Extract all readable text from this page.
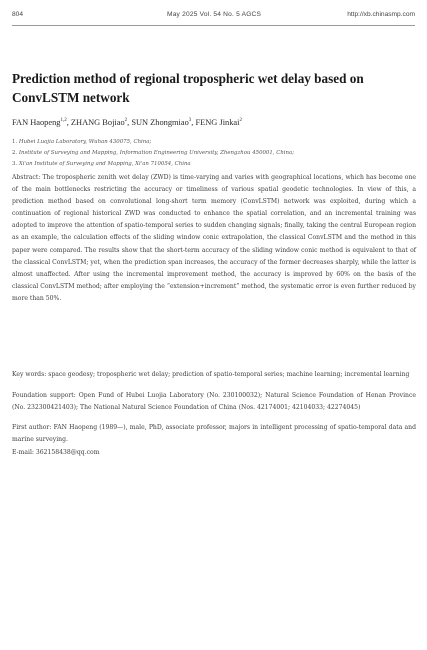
804	May 2025 Vol. 54 No. 5 AGCS	http://xb.chinasmp.com
Prediction method of regional tropospheric wet delay based on ConvLSTM network
FAN Haopeng$^{1,2}$, ZHANG Bojiao$^2$, SUN Zhongmiao$^3$, FENG Jinkai$^2$
1. Hubei Luojia Laboratory, Wuhan 430075, China;
2. Institute of Surveying and Mapping, Information Engineering University, Zhengzhou 450001, China;
3. Xi'an Institute of Surveying and Mapping, Xi'an 710054, China

Abstract: The tropospheric zenith wet delay (ZWD) is time-varying and varies with geographical locations, which has become one of the main bottlenecks restricting the accuracy or timeliness of various spatial geodetic technologies. In view of this, a prediction method based on convolutional long-short term memory (ConvLSTM) network was exploited, during which a continuation of regional historical ZWD was conducted to enhance the spatial correlation, and an incremental training was adopted to improve the attention of spatio-temporal series to sudden changing signals; finally, taking the central European region as an example, the calculation effects of the sliding window conic extrapolation, the classical ConvLSTM and the method in this paper were compared. The results show that the short-term accuracy of the sliding window conic method is equivalent to that of the classical ConvLSTM; yet, when the prediction span increases, the accuracy of the former decreases sharply, while the latter is almost unaffected. After using the incremental improvement method, the accuracy is improved by 60% on the basis of the classical ConvLSTM method; after employing the “extension+increment” method, the systematic error is even further reduced by more than 50%.

Key words: space geodesy; tropospheric wet delay; prediction of spatio-temporal series; machine learning; incremental learning

Foundation support: Open Fund of Hubei Luojia Laboratory (No. 230100032); Natural Science Foundation of Henan Province (No. 232300421403); The National Natural Science Foundation of China (Nos. 42174001; 42104033; 42274045)

First author: FAN Haopeng (1989—), male, PhD, associate professor, majors in intelligent processing of spatio-temporal data and marine surveying.

E-mail: 362158438@qq.com
